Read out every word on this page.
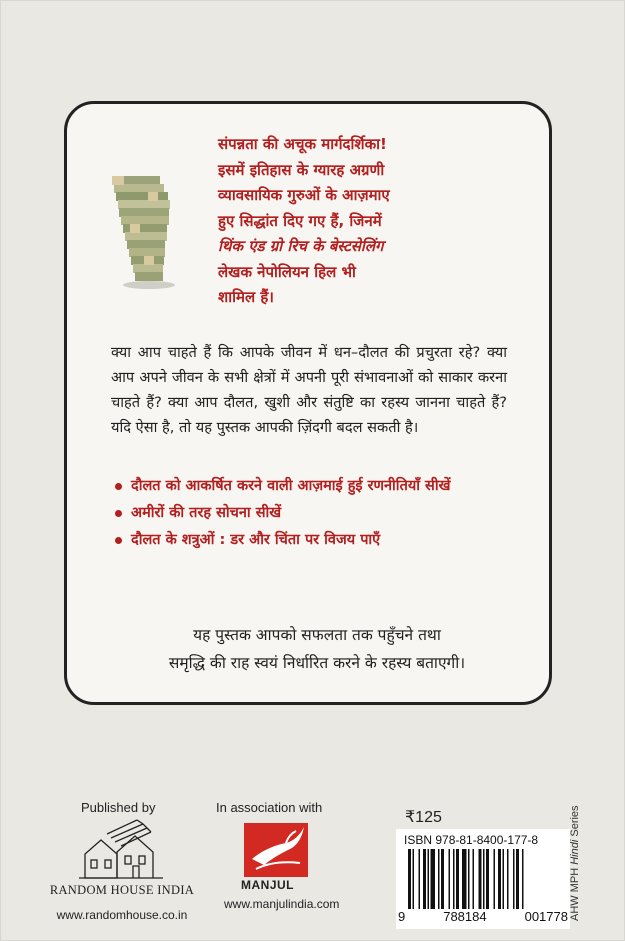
संपन्नता की अचूक मार्गदर्शिका!
इसमें इतिहास के ग्यारह अग्रणी
व्यावसायिक गुरुओं के आज़माए
हुए सिद्धांत दिए गए हैं, जिनमें
थिंक एंड ग्रो रिच के बेस्टसेलिंग
लेखक नेपोलियन हिल भी
शामिल हैं।

क्या आप चाहते हैं कि आपके जीवन में धन–दौलत की प्रचुरता रहे? क्या आप अपने जीवन के सभी क्षेत्रों में अपनी पूरी संभावनाओं को साकार करना चाहते हैं? क्या आप दौलत, खुशी और संतुष्टि का रहस्य जानना चाहते हैं? यदि ऐसा है, तो यह पुस्तक आपकी ज़िंदगी बदल सकती है।

दौलत को आकर्षित करने वाली आज़माई हुई रणनीतियाँ सीखें
अमीरों की तरह सोचना सीखें
दौलत के शत्रुओं : डर और चिंता पर विजय पाएँ
यह पुस्तक आपको सफलता तक पहुँचने तथा
समृद्धि की राह स्वयं निर्धारित करने के रहस्य बताएगी।
Published by
RANDOM HOUSE INDIA
www.randomhouse.co.in
In association with
MANJUL
www.manjulindia.com
₹125
ISBN 978-81-8400-177-8
9	788184	001778 AHW MPH Hindi Series
